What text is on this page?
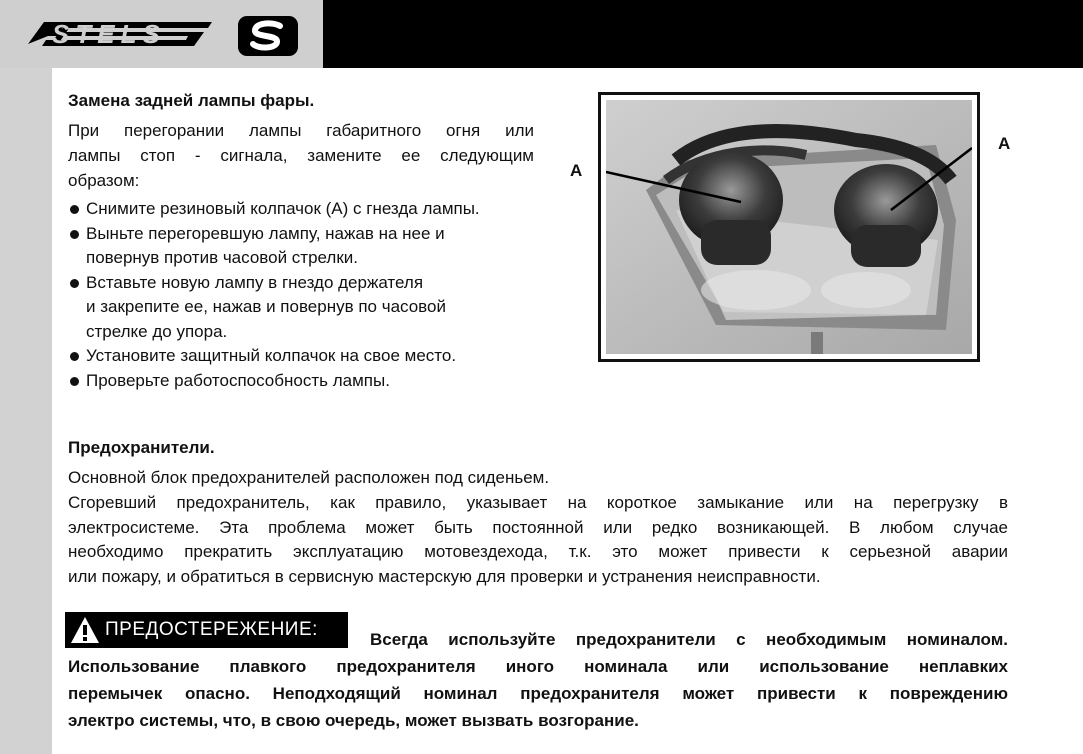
STELS
Замена задней лампы фары.

При перегорании лампы габаритного огня или
лампы стоп - сигнала, замените ее следующим
образом:

Снимите резиновый колпачок (А) с гнезда лампы.
Выньте перегоревшую лампу, нажав на нее и
повернув против часовой стрелки.
Вставьте новую лампу в гнездо держателя
и закрепите ее, нажав и повернув по часовой
стрелке до упора.
Установите защитный колпачок на свое место.
Проверьте работоспособность лампы.
A
A
Предохранители.

Основной блок предохранителей расположен под сиденьем.
Сгоревший предохранитель, как правило, указывает на короткое замыкание или на перегрузку в
электросистеме. Эта проблема может быть постоянной или редко возникающей. В любом случае
необходимо прекратить эксплуатацию мотовездехода, т.к. это может привести к серьезной аварии
или пожару, и обратиться в сервисную мастерскую для проверки и устранения неисправности.

ПРЕДОСТЕРЕЖЕНИЕ:	Всегда используйте предохранители с необходимым номиналом.
Использование плавкого предохранителя иного номинала или использование неплавких
перемычек опасно. Неподходящий номинал предохранителя может привести к повреждению
электро системы, что, в свою очередь, может вызвать возгорание.
